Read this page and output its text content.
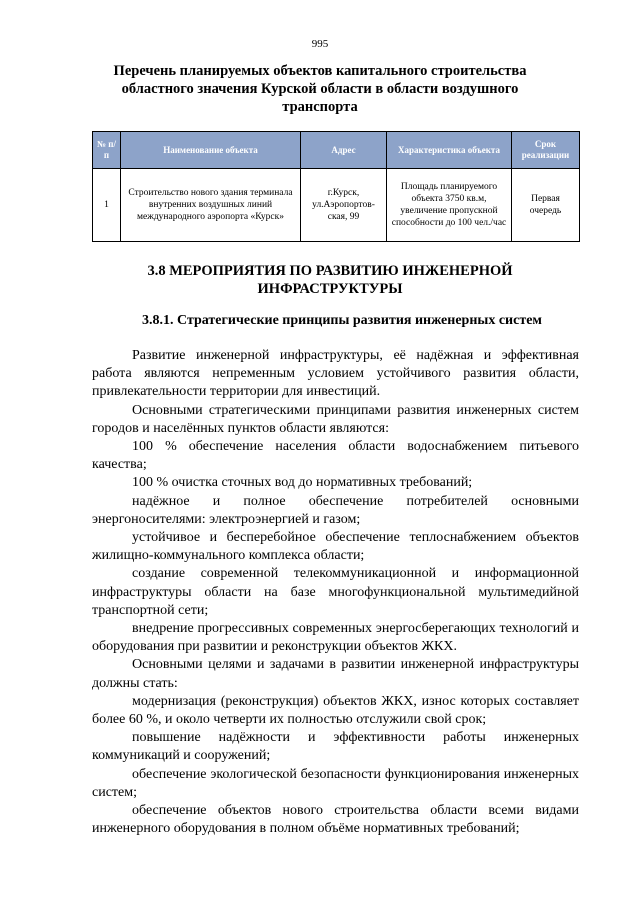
995
Перечень планируемых объектов капитального строительства областного значения Курской области в области воздушного транспорта
№ п/п	Наименование объекта	Адрес	Характеристика объекта	Срок реализации
1	Строительство нового здания терминала внутренних воздушных линий международного аэропорта «Курск»	г.Курск, ул.Аэропортов-ская, 99	Площадь планируемого объекта 3750 кв.м, увеличение пропускной способности до 100 чел./час	Первая очередь
3.8 МЕРОПРИЯТИЯ ПО РАЗВИТИЮ ИНЖЕНЕРНОЙ ИНФРАСТРУКТУРЫ
3.8.1. Стратегические принципы развития инженерных систем

Развитие инженерной инфраструктуры, её надёжная и эффективная работа являются непременным условием устойчивого развития области, привлекательности территории для инвестиций.

Основными стратегическими принципами развития инженерных систем городов и населённых пунктов области являются:

100 % обеспечение населения области водоснабжением питьевого качества;

100 % очистка сточных вод до нормативных требований;

надёжное и полное обеспечение потребителей основными энергоносителями: электроэнергией и газом;

устойчивое и бесперебойное обеспечение теплоснабжением объектов жилищно-коммунального комплекса области;

создание современной телекоммуникационной и информационной инфраструктуры области на базе многофункциональной мультимедийной транспортной сети;

внедрение прогрессивных современных энергосберегающих технологий и оборудования при развитии и реконструкции объектов ЖКХ.

Основными целями и задачами в развитии инженерной инфраструктуры должны стать:

модернизация (реконструкция) объектов ЖКХ, износ которых составляет более 60 %, и около четверти их полностью отслужили свой срок;

повышение надёжности и эффективности работы инженерных коммуникаций и сооружений;

обеспечение экологической безопасности функционирования инженерных систем;

обеспечение объектов нового строительства области всеми видами инженерного оборудования в полном объёме нормативных требований;
